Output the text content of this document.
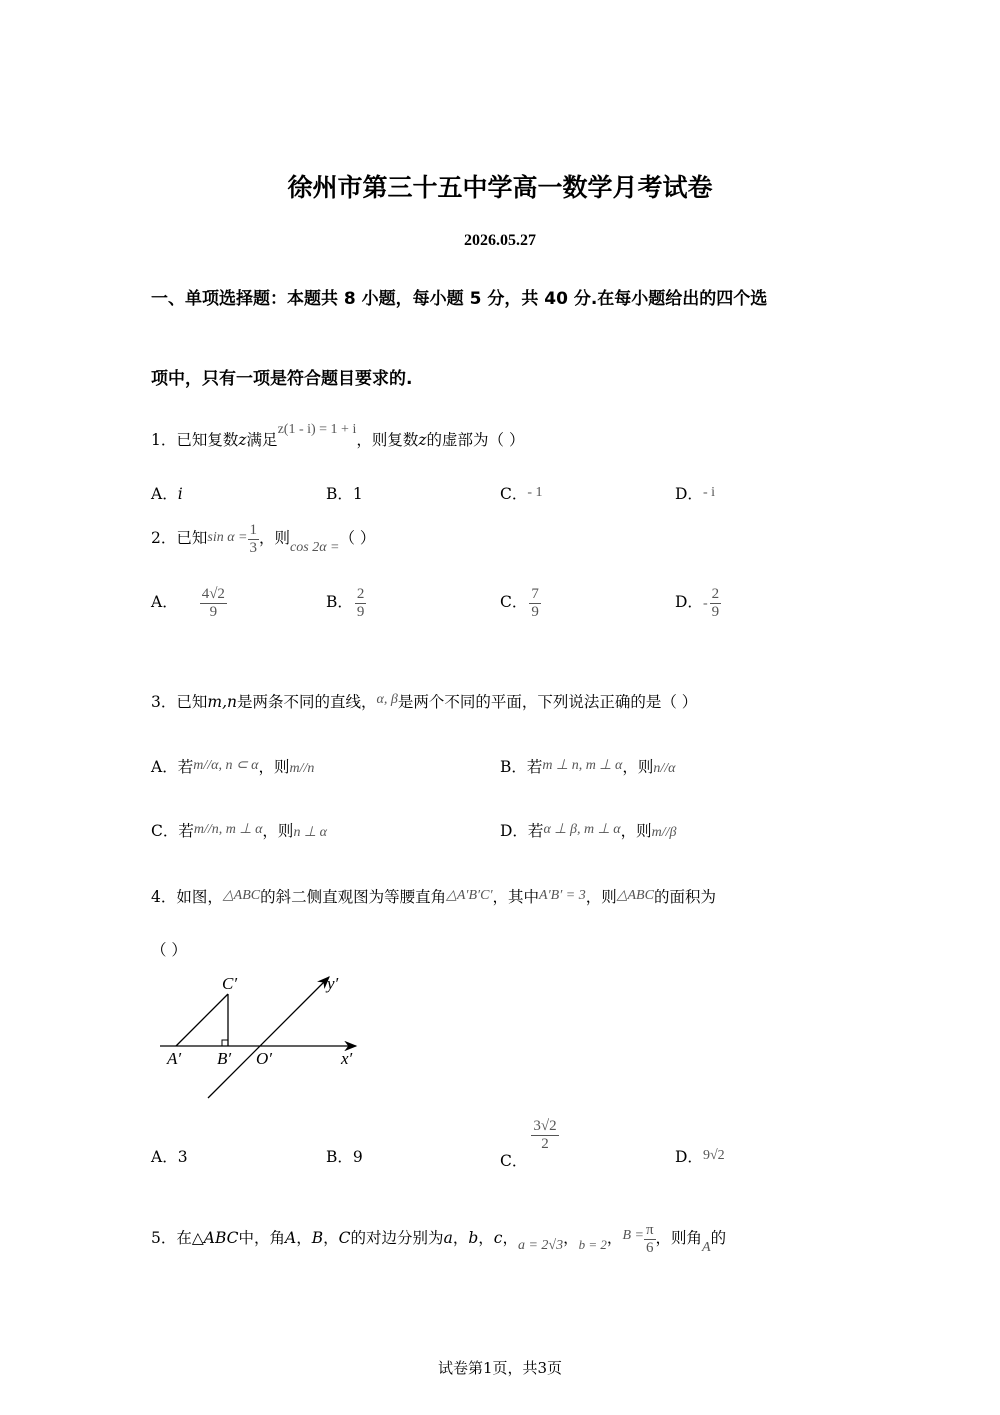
徐州市第三十五中学高一数学月考试卷
2026.05.27
一、单项选择题：本题共 8 小题，每小题 5 分，共 40 分.在每小题给出的四个选
项中，只有一项是符合题目要求的.
1．已知复数z满足z(1 - i) = 1 + i，则复数z的虚部为（ ）
A．i	B．1	C．- 1	D．- i
2．已知$\sin \alpha = \frac{1}{3}$ ，则cos 2α =（ ）
A． $\frac{4√2}{9}$	B． $\frac{2}{9}$	C． $\frac{7}{9}$	D．- $\frac{2}{9}$
3．已知m,n是两条不同的直线，α, β是两个不同的平面，下列说法正确的是（ ）
A．若m//α, n ⊂ α，则m//n	B．若m ⊥ n, m ⊥ α，则n//α
C．若m//n, m ⊥ α，则n ⊥ α	D．若α ⊥ β, m ⊥ α，则m//β
4．如图，△ABC的斜二侧直观图为等腰直角△A′B′C′，其中A′B′ = 3，则△ABC的面积为
（ ）
C′
A′ B′ O′	x′
y′
A．3	B．9	C．
$\frac{3√2}{2}$
D．9√2
5．在△ABC中，角A，B，C的对边分别为a，b，c，a = 2√3，$_{b = 2}$，$B = \frac{\pi}{6}$ ，则角A的
试卷第1页，共3页
